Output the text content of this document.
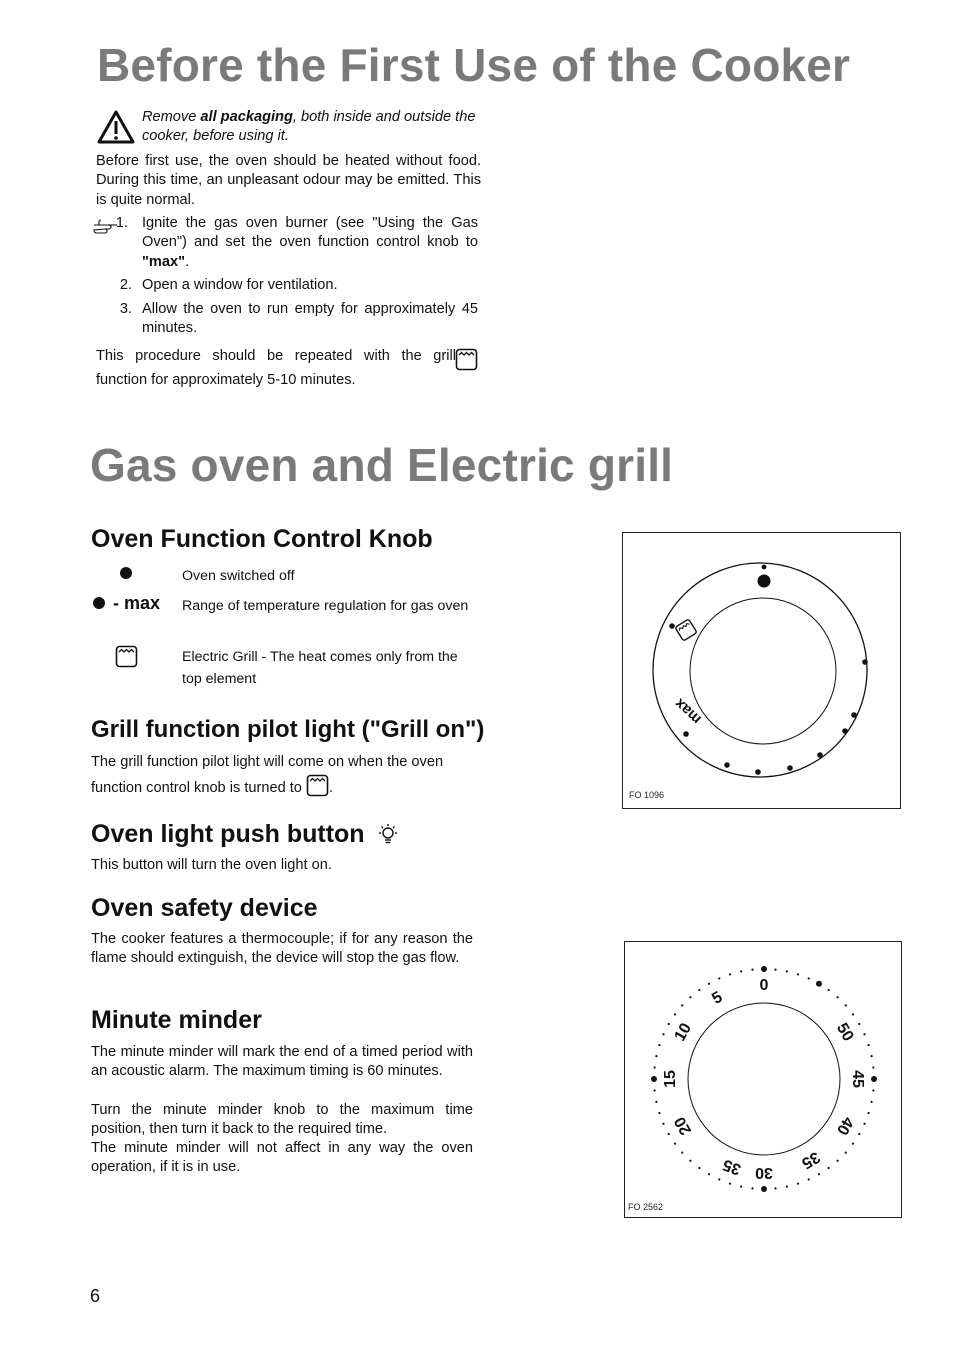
Before the First Use of the Cooker
Remove all packaging, both inside and outside the cooker, before using it.
Before first use, the oven should be heated without food. During this time, an unpleasant odour may be emitted. This is quite normal.
1. Ignite the gas oven burner (see "Using the Gas Oven") and set the oven function control knob to "max".
2. Open a window for ventilation.
3. Allow the oven to run empty for approximately 45 minutes.
This procedure should be repeated with the grill
function for approximately 5-10 minutes.
Gas oven and Electric grill
Oven Function Control Knob
Oven switched off
- max Range of temperature regulation for gas oven
Electric Grill - The heat comes only from the top element
Grill function pilot light ("Grill on")
The grill function pilot light will come on when the oven function control knob is turned to .
Oven light push button
This button will turn the oven light on.
Oven safety device
The cooker features a thermocouple; if for any reason the flame should extinguish, the device will stop the gas flow.
Minute minder
The minute minder will mark the end of a timed period with an acoustic alarm. The maximum timing is 60 minutes.
Turn the minute minder knob to the maximum time position, then turn it back to the required time.
The minute minder will not affect in any way the oven operation, if it is in use.
max
FO 1096
0
5
10
15
20
35 30
35
40
45
50
FO 2562
6
